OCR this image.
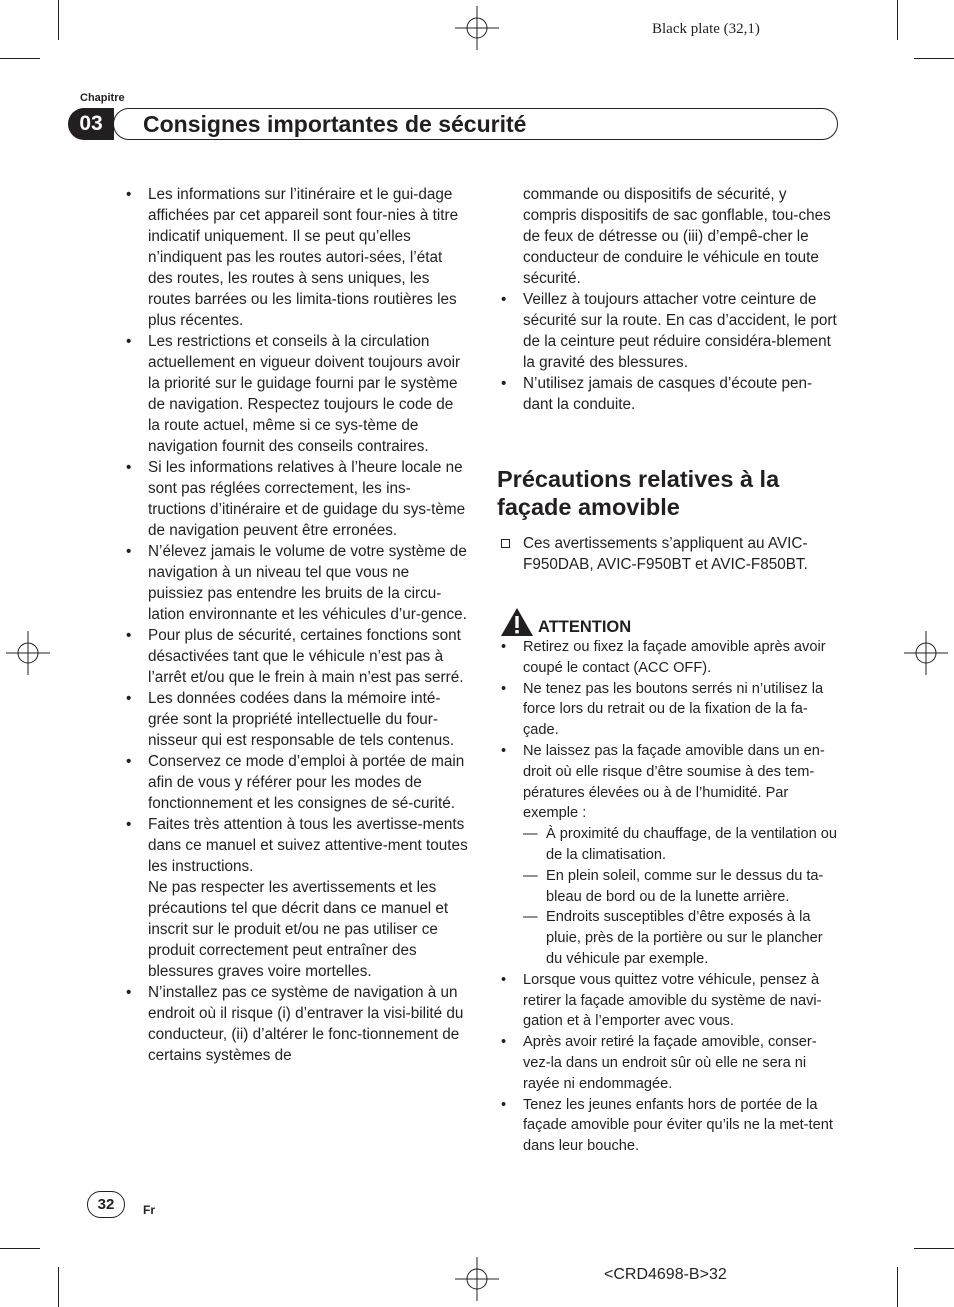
Black plate (32,1)
Chapitre
03	Consignes importantes de sécurité
• Les informations sur l’itinéraire et le gui-dage affichées par cet appareil sont four-nies à titre indicatif uniquement. Il se peut qu’elles n’indiquent pas les routes autori-sées, l’état des routes, les routes à sens uniques, les routes barrées ou les limita-tions routières les plus récentes.
• Les restrictions et conseils à la circulation actuellement en vigueur doivent toujours avoir la priorité sur le guidage fourni par le système de navigation. Respectez toujours le code de la route actuel, même si ce sys-tème de navigation fournit des conseils contraires.
• Si les informations relatives à l’heure locale ne sont pas réglées correctement, les ins-tructions d’itinéraire et de guidage du sys-tème de navigation peuvent être erronées.
• N’élevez jamais le volume de votre système de navigation à un niveau tel que vous ne puissiez pas entendre les bruits de la circu-lation environnante et les véhicules d’ur-gence.
• Pour plus de sécurité, certaines fonctions sont désactivées tant que le véhicule n’est pas à l’arrêt et/ou que le frein à main n’est pas serré.
• Les données codées dans la mémoire inté-grée sont la propriété intellectuelle du four-nisseur qui est responsable de tels contenus.
• Conservez ce mode d’emploi à portée de main afin de vous y référer pour les modes de fonctionnement et les consignes de sé-curité.
• Faites très attention à tous les avertisse-ments dans ce manuel et suivez attentive-ment toutes les instructions.
Ne pas respecter les avertissements et les précautions tel que décrit dans ce manuel et inscrit sur le produit et/ou ne pas utiliser ce produit correctement peut entraîner des blessures graves voire mortelles.
• N’installez pas ce système de navigation à un endroit où il risque (i) d’entraver la visi-bilité du conducteur, (ii) d’altérer le fonc-tionnement de certains systèmes de
commande ou dispositifs de sécurité, y compris dispositifs de sac gonflable, tou-ches de feux de détresse ou (iii) d’empê-cher le conducteur de conduire le véhicule en toute sécurité.
• Veillez à toujours attacher votre ceinture de sécurité sur la route. En cas d’accident, le port de la ceinture peut réduire considéra-blement la gravité des blessures.
• N’utilisez jamais de casques d’écoute pen-dant la conduite.
Précautions relatives à la façade amovible
Ces avertissements s’appliquent au AVIC-F950DAB, AVIC-F950BT et AVIC-F850BT.
ATTENTION
• Retirez ou fixez la façade amovible après avoir coupé le contact (ACC OFF).
• Ne tenez pas les boutons serrés ni n’utilisez la force lors du retrait ou de la fixation de la fa-çade.
• Ne laissez pas la façade amovible dans un en-droit où elle risque d’être soumise à des tem-pératures élevées ou à de l’humidité. Par exemple :
— À proximité du chauffage, de la ventilation ou de la climatisation.
— En plein soleil, comme sur le dessus du ta-bleau de bord ou de la lunette arrière.
— Endroits susceptibles d’être exposés à la pluie, près de la portière ou sur le plancher du véhicule par exemple.
• Lorsque vous quittez votre véhicule, pensez à retirer la façade amovible du système de navi-gation et à l’emporter avec vous.
• Après avoir retiré la façade amovible, conser-vez-la dans un endroit sûr où elle ne sera ni rayée ni endommagée.
• Tenez les jeunes enfants hors de portée de la façade amovible pour éviter qu’ils ne la met-tent dans leur bouche.
32	Fr
<CRD4698-B>32
